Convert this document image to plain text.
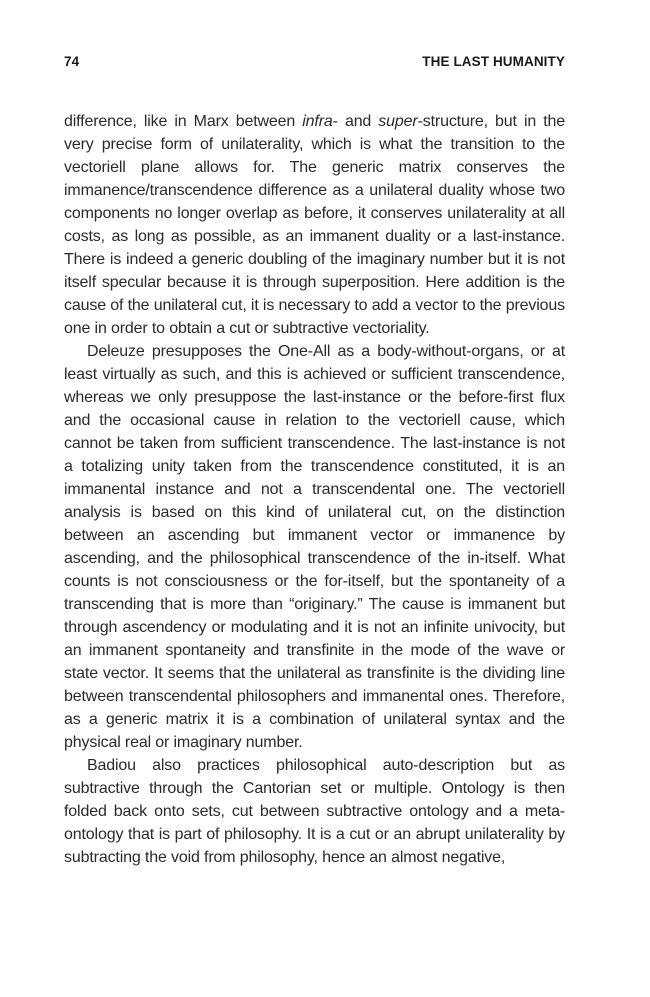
74	THE LAST HUMANITY

difference, like in Marx between infra- and super-structure, but in the very precise form of unilaterality, which is what the transition to the vectoriell plane allows for. The generic matrix conserves the immanence/transcendence difference as a unilateral duality whose two components no longer overlap as before, it conserves unilaterality at all costs, as long as possible, as an immanent duality or a last-instance. There is indeed a generic doubling of the imaginary number but it is not itself specular because it is through superposition. Here addition is the cause of the unilateral cut, it is necessary to add a vector to the previous one in order to obtain a cut or subtractive vectoriality.

Deleuze presupposes the One-All as a body-without-organs, or at least virtually as such, and this is achieved or sufficient transcendence, whereas we only presuppose the last-instance or the before-first flux and the occasional cause in relation to the vectoriell cause, which cannot be taken from sufficient transcendence. The last-instance is not a totalizing unity taken from the transcendence constituted, it is an immanental instance and not a transcendental one. The vectoriell analysis is based on this kind of unilateral cut, on the distinction between an ascending but immanent vector or immanence by ascending, and the philosophical transcendence of the in-itself. What counts is not consciousness or the for-itself, but the spontaneity of a transcending that is more than “originary.” The cause is immanent but through ascendency or modulating and it is not an infinite univocity, but an immanent spontaneity and transfinite in the mode of the wave or state vector. It seems that the unilateral as transfinite is the dividing line between transcendental philosophers and immanental ones. Therefore, as a generic matrix it is a combination of unilateral syntax and the physical real or imaginary number.

Badiou also practices philosophical auto-description but as subtractive through the Cantorian set or multiple. Ontology is then folded back onto sets, cut between subtractive ontology and a meta-ontology that is part of philosophy. It is a cut or an abrupt unilaterality by subtracting the void from philosophy, hence an almost negative,
